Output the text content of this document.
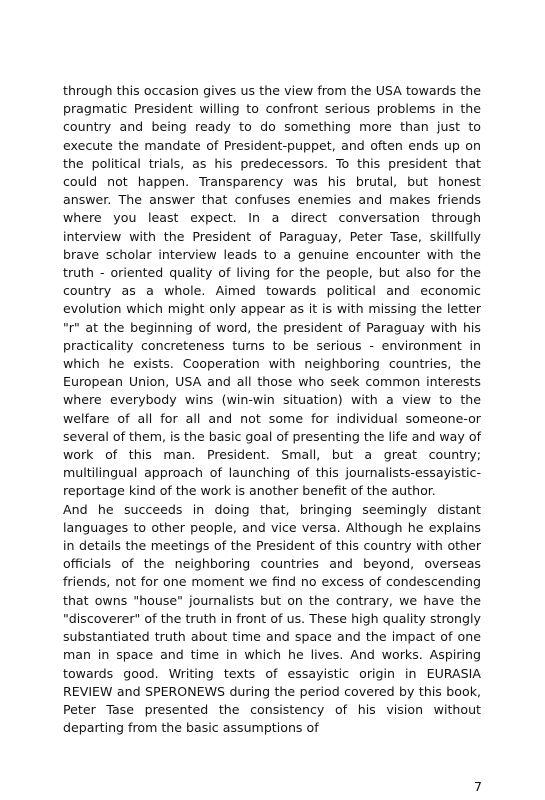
through this occasion gives us the view from the USA towards the pragmatic President willing to confront serious problems in the country and being ready to do something more than just to execute the mandate of President-puppet, and often ends up on the political trials, as his predecessors. To this president that could not happen. Transparency was his brutal, but honest answer. The answer that confuses enemies and makes friends where you least expect. In a direct conversation through interview with the President of Paraguay, Peter Tase, skillfully brave scholar interview leads to a genuine encounter with the truth - oriented quality of living for the people, but also for the country as a whole. Aimed towards political and economic evolution which might only appear as it is with missing the letter "r" at the beginning of word, the president of Paraguay with his practicality concreteness turns to be serious - environment in which he exists. Cooperation with neighboring countries, the European Union, USA and all those who seek common interests where everybody wins (win-win situation) with a view to the welfare of all for all and not some for individual someone-or several of them, is the basic goal of presenting the life and way of work of this man. President. Small, but a great country; multilingual approach of launching of this journalists-essayistic-reportage kind of the work is another benefit of the author.

And he succeeds in doing that, bringing seemingly distant languages to other people, and vice versa. Although he explains in details the meetings of the President of this country with other officials of the neighboring countries and beyond, overseas friends, not for one moment we find no excess of condescending that owns "house" journalists but on the contrary, we have the "discoverer" of the truth in front of us. These high quality strongly substantiated truth about time and space and the impact of one man in space and time in which he lives. And works. Aspiring towards good. Writing texts of essayistic origin in EURASIA REVIEW and SPERONEWS during the period covered by this book, Peter Tase presented the consistency of his vision without departing from the basic assumptions of

7
